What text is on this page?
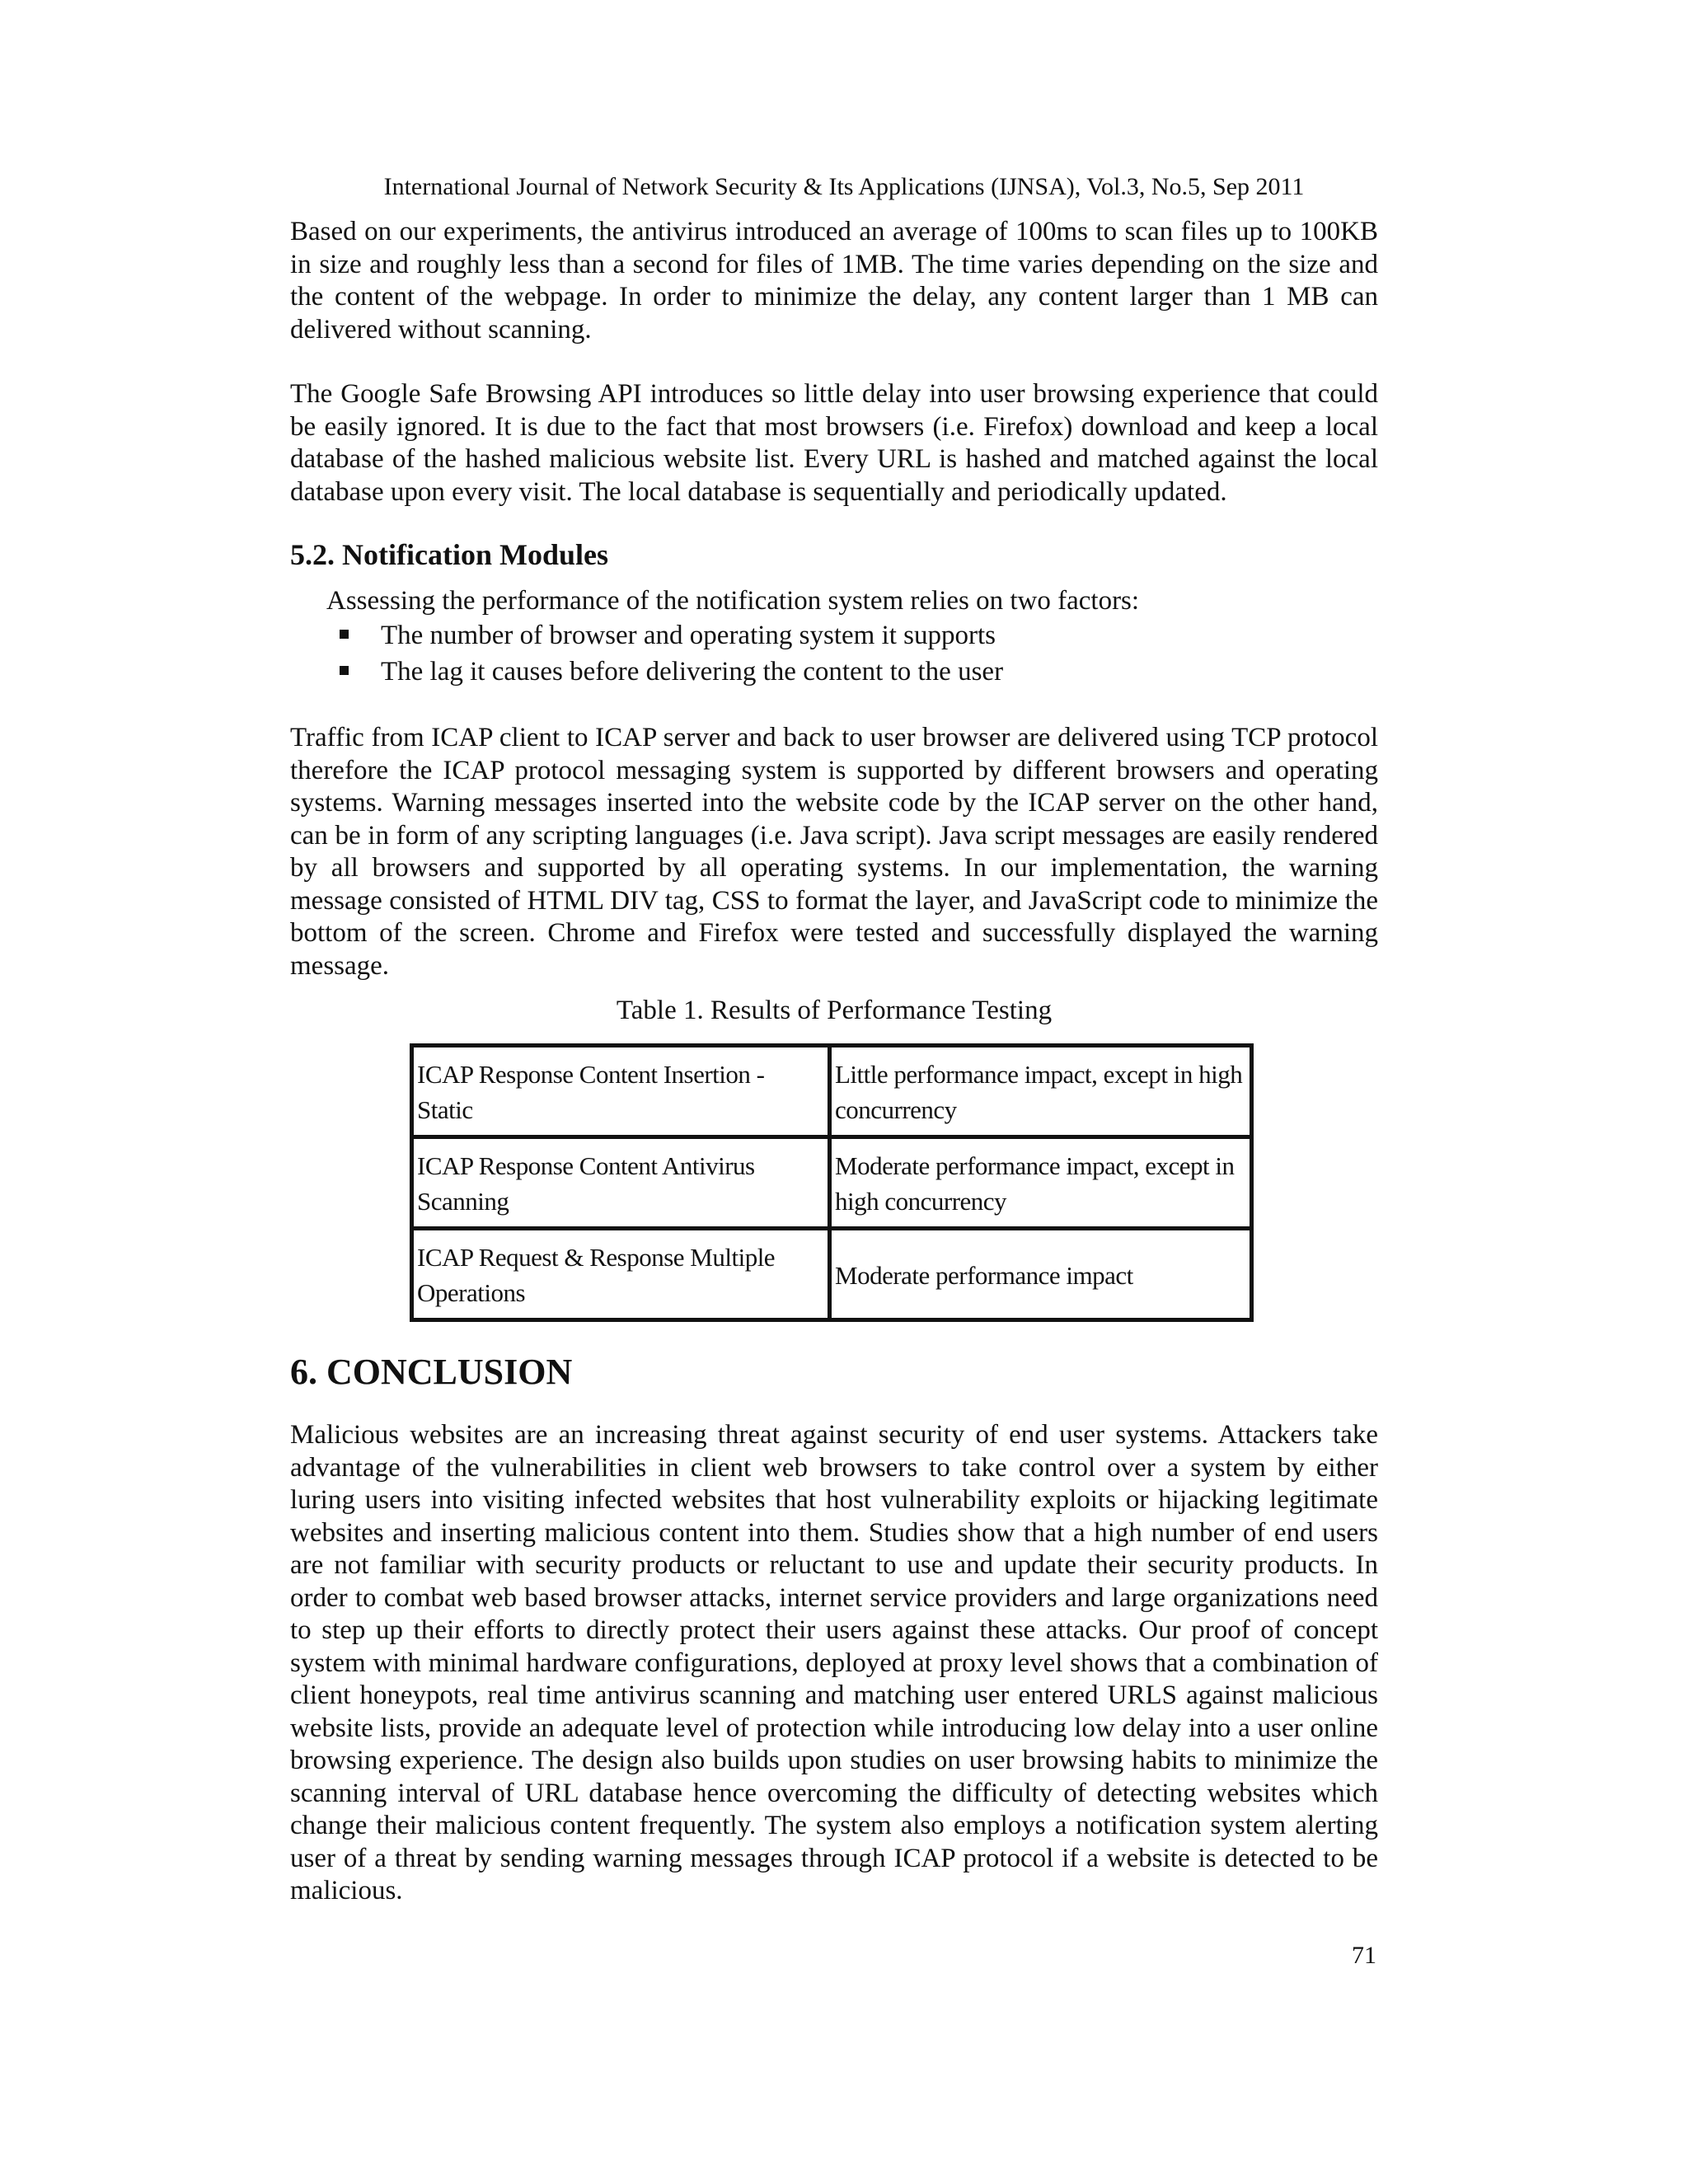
International Journal of Network Security & Its Applications (IJNSA), Vol.3, No.5, Sep 2011

Based on our experiments, the antivirus introduced an average of 100ms to scan files up to 100KB in size and roughly less than a second for files of 1MB. The time varies depending on the size and the content of the webpage. In order to minimize the delay, any content larger than 1 MB can delivered without scanning.

The Google Safe Browsing API introduces so little delay into user browsing experience that could be easily ignored. It is due to the fact that most browsers (i.e. Firefox) download and keep a local database of the hashed malicious website list. Every URL is hashed and matched against the local database upon every visit. The local database is sequentially and periodically updated.

5.2. Notification Modules
Assessing the performance of the notification system relies on two factors:
The number of browser and operating system it supports
The lag it causes before delivering the content to the user

Traffic from ICAP client to ICAP server and back to user browser are delivered using TCP protocol therefore the ICAP protocol messaging system is supported by different browsers and operating systems. Warning messages inserted into the website code by the ICAP server on the other hand, can be in form of any scripting languages (i.e. Java script). Java script messages are easily rendered by all browsers and supported by all operating systems. In our implementation, the warning message consisted of HTML DIV tag, CSS to format the layer, and JavaScript code to minimize the bottom of the screen. Chrome and Firefox were tested and successfully displayed the warning message.

Table 1. Results of Performance Testing
ICAP Response Content Insertion - Static	Little performance impact, except in high concurrency
ICAP Response Content Antivirus Scanning	Moderate performance impact, except in high concurrency
ICAP Request & Response Multiple Operations	Moderate performance impact
6. CONCLUSION

Malicious websites are an increasing threat against security of end user systems. Attackers take advantage of the vulnerabilities in client web browsers to take control over a system by either luring users into visiting infected websites that host vulnerability exploits or hijacking legitimate websites and inserting malicious content into them. Studies show that a high number of end users are not familiar with security products or reluctant to use and update their security products. In order to combat web based browser attacks, internet service providers and large organizations need to step up their efforts to directly protect their users against these attacks. Our proof of concept system with minimal hardware configurations, deployed at proxy level shows that a combination of client honeypots, real time antivirus scanning and matching user entered URLS against malicious website lists, provide an adequate level of protection while introducing low delay into a user online browsing experience. The design also builds upon studies on user browsing habits to minimize the scanning interval of URL database hence overcoming the difficulty of detecting websites which change their malicious content frequently. The system also employs a notification system alerting user of a threat by sending warning messages through ICAP protocol if a website is detected to be malicious.

71
